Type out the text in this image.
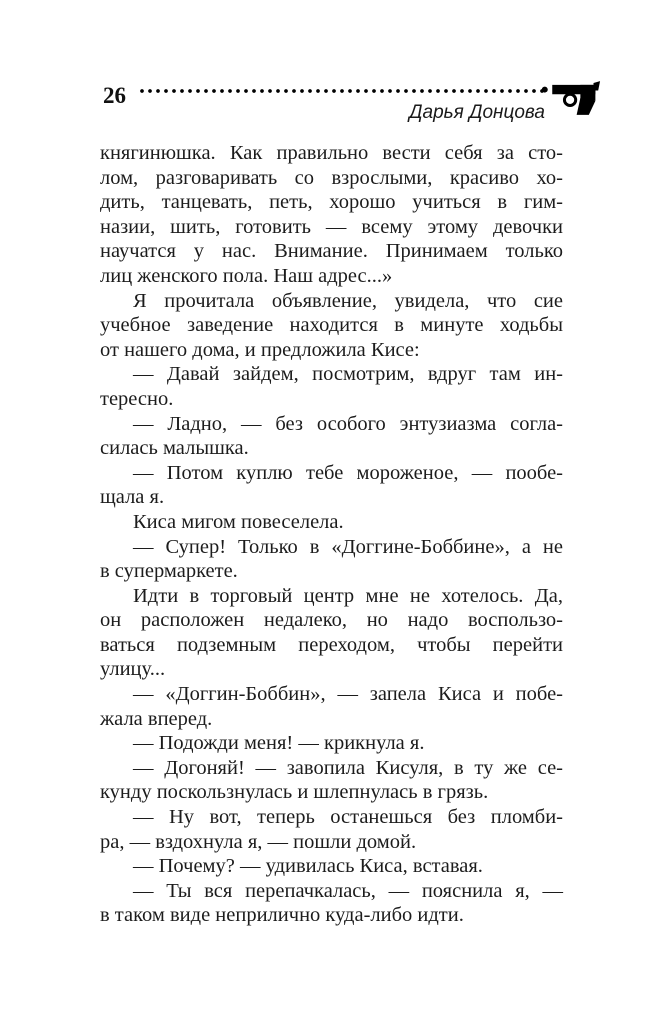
26
Дарья Донцова
княгинюшка. Как правильно вести себя за сто-
лом, разговаривать со взрослыми, красиво хо-
дить, танцевать, петь, хорошо учиться в гим-
назии, шить, готовить — всему этому девочки
научатся у нас. Внимание. Принимаем только
лиц женского пола. Наш адрес...»
Я прочитала объявление, увидела, что сие
учебное заведение находится в минуте ходьбы
от нашего дома, и предложила Кисе:
— Давай зайдем, посмотрим, вдруг там ин-
тересно.
— Ладно, — без особого энтузиазма согла-
силась малышка.
— Потом куплю тебе мороженое, — пообе-
щала я.
Киса мигом повеселела.
— Супер! Только в «Доггине-Боббине», а не
в супермаркете.
Идти в торговый центр мне не хотелось. Да,
он расположен недалеко, но надо воспользо-
ваться подземным переходом, чтобы перейти
улицу...
— «Доггин-Боббин», — запела Киса и побе-
жала вперед.
— Подожди меня! — крикнула я.
— Догоняй! — завопила Кисуля, в ту же се-
кунду поскользнулась и шлепнулась в грязь.
— Ну вот, теперь останешься без пломби-
ра, — вздохнула я, — пошли домой.
— Почему? — удивилась Киса, вставая.
— Ты вся перепачкалась, — пояснила я, —
в таком виде неприлично куда-либо идти.
